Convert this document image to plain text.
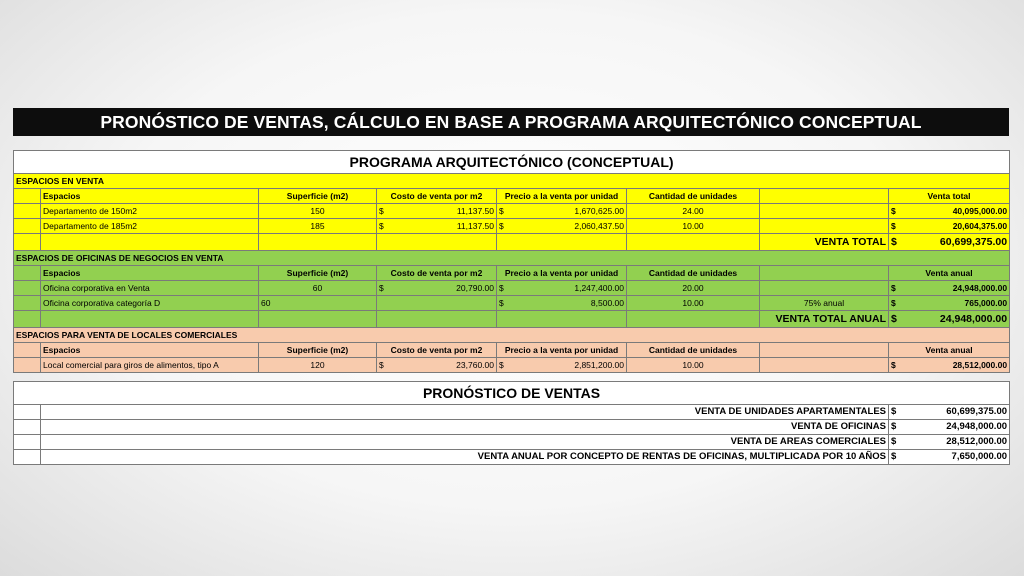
PRONÓSTICO DE VENTAS, CÁLCULO EN BASE A PROGRAMA ARQUITECTÓNICO CONCEPTUAL
PROGRAMA ARQUITECTÓNICO (CONCEPTUAL)							
ESPACIOS EN VENTA							
	Espacios	Superficie (m2)	Costo de venta por m2	Precio a la venta por unidad	Cantidad de unidades		Venta total
	Departamento de 150m2	150	$ 11,137.50	$ 1,670,625.00	24.00		$ 40,095,000.00

	Departamento de 185m2	185	$ 11,137.50	$ 2,060,437.50	10.00		$ 20,604,375.00

						VENTA TOTAL	$ 60,699,375.00

ESPACIOS DE OFICINAS DE NEGOCIOS EN VENTA							
	Espacios	Superficie (m2)	Costo de venta por m2	Precio a la venta por unidad	Cantidad de unidades		Venta anual
	Oficina corporativa en Venta	60	$ 20,790.00	$ 1,247,400.00	20.00		$ 24,948,000.00

	Oficina corporativa categoría D	60		$ 8,500.00	10.00	75% anual	$ 765,000.00

						VENTA TOTAL ANUAL	$ 24,948,000.00

ESPACIOS PARA VENTA DE LOCALES COMERCIALES							
	Espacios	Superficie (m2)	Costo de venta por m2	Precio a la venta por unidad	Cantidad de unidades		Venta anual
	Local comercial para giros de alimentos, tipo A	120	$ 23,760.00	$ 2,851,200.00	10.00		$ 28,512,000.00
PRONÓSTICO DE VENTAS		
	VENTA DE UNIDADES APARTAMENTALES	$ 60,699,375.00

	VENTA DE OFICINAS	$ 24,948,000.00

	VENTA DE AREAS COMERCIALES	$ 28,512,000.00

	VENTA ANUAL POR CONCEPTO DE RENTAS DE OFICINAS, MULTIPLICADA POR 10 AÑOS	$ 7,650,000.00
